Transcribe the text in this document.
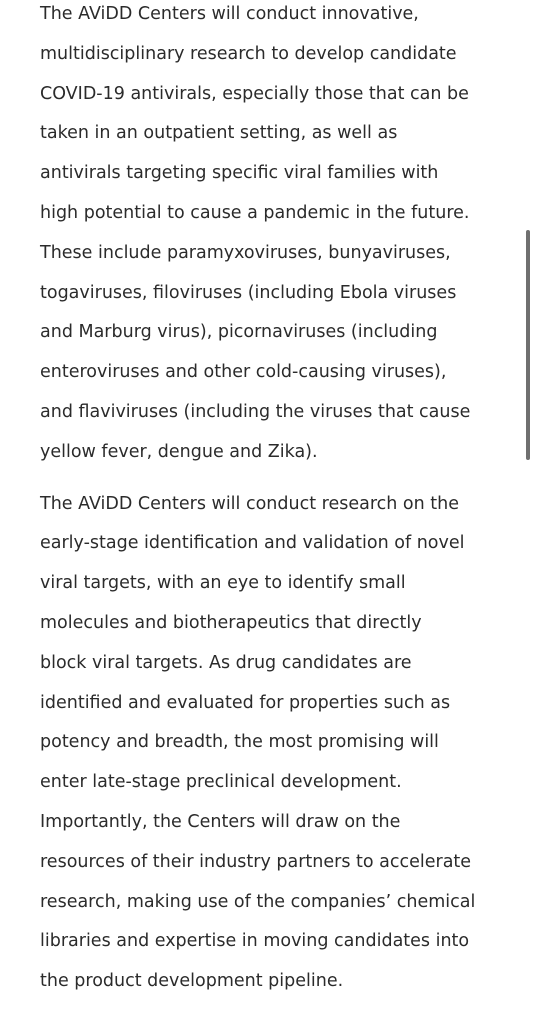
The AViDD Centers will conduct innovative,
multidisciplinary research to develop candidate
COVID-19 antivirals, especially those that can be
taken in an outpatient setting, as well as
antivirals targeting specific viral families with
high potential to cause a pandemic in the future.
These include paramyxoviruses, bunyaviruses,
togaviruses, filoviruses (including Ebola viruses
and Marburg virus), picornaviruses (including
enteroviruses and other cold-causing viruses),
and flaviviruses (including the viruses that cause
yellow fever, dengue and Zika).
The AViDD Centers will conduct research on the
early-stage identification and validation of novel
viral targets, with an eye to identify small
molecules and biotherapeutics that directly
block viral targets. As drug candidates are
identified and evaluated for properties such as
potency and breadth, the most promising will
enter late-stage preclinical development.
Importantly, the Centers will draw on the
resources of their industry partners to accelerate
research, making use of the companies’ chemical
libraries and expertise in moving candidates into
the product development pipeline.
